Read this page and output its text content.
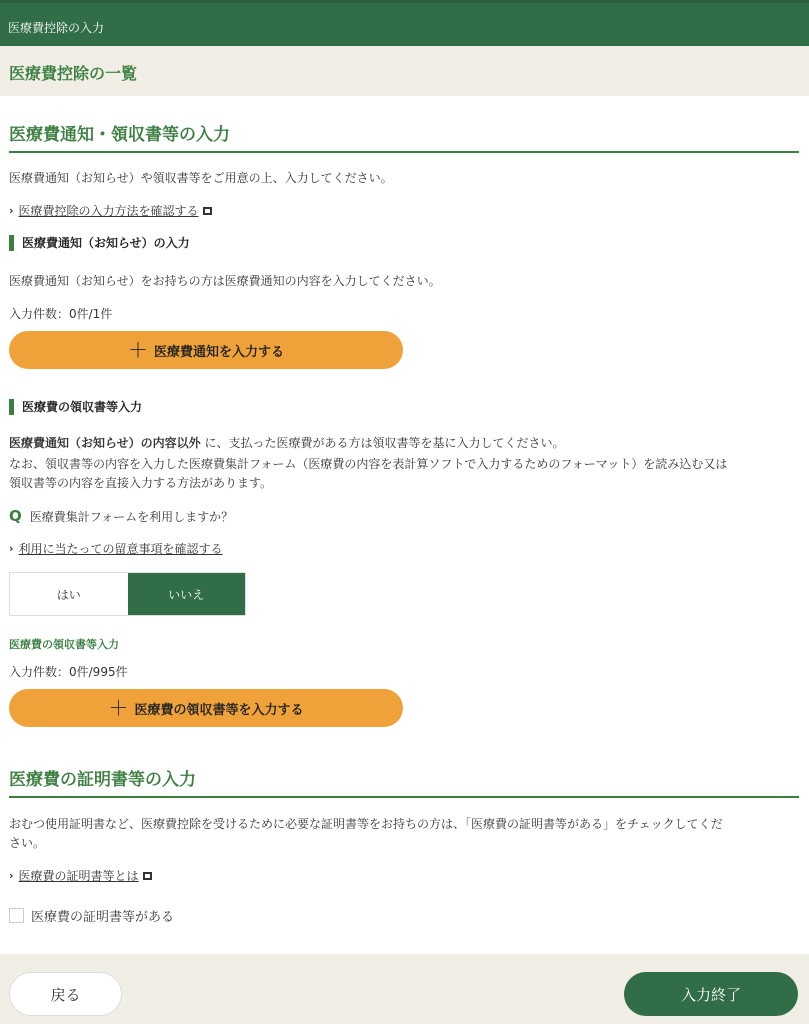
医療費控除の入力
医療費控除の一覧
医療費通知・領収書等の入力
医療費通知（お知らせ）や領収書等をご用意の上、入力してください。
› 医療費控除の入力方法を確認する
医療費通知（お知らせ）の入力
医療費通知（お知らせ）をお持ちの方は医療費通知の内容を入力してください。
入力件数：0件/1件
＋ 医療費通知を入力する
医療費の領収書等入力
医療費通知（お知らせ）の内容以外 に、支払った医療費がある方は領収書等を基に入力してください。
なお、領収書等の内容を入力した医療費集計フォーム（医療費の内容を表計算ソフトで入力するためのフォーマット）を読み込む又は
領収書等の内容を直接入力する方法があります。
Q 医療費集計フォームを利用しますか？
› 利用に当たっての留意事項を確認する
はい	いいえ
医療費の領収書等入力
入力件数：0件/995件
＋ 医療費の領収書等を入力する
医療費の証明書等の入力
おむつ使用証明書など、医療費控除を受けるために必要な証明書等をお持ちの方は、「医療費の証明書等がある」をチェックしてくだ
さい。
› 医療費の証明書等とは
医療費の証明書等がある
戻る	入力終了
